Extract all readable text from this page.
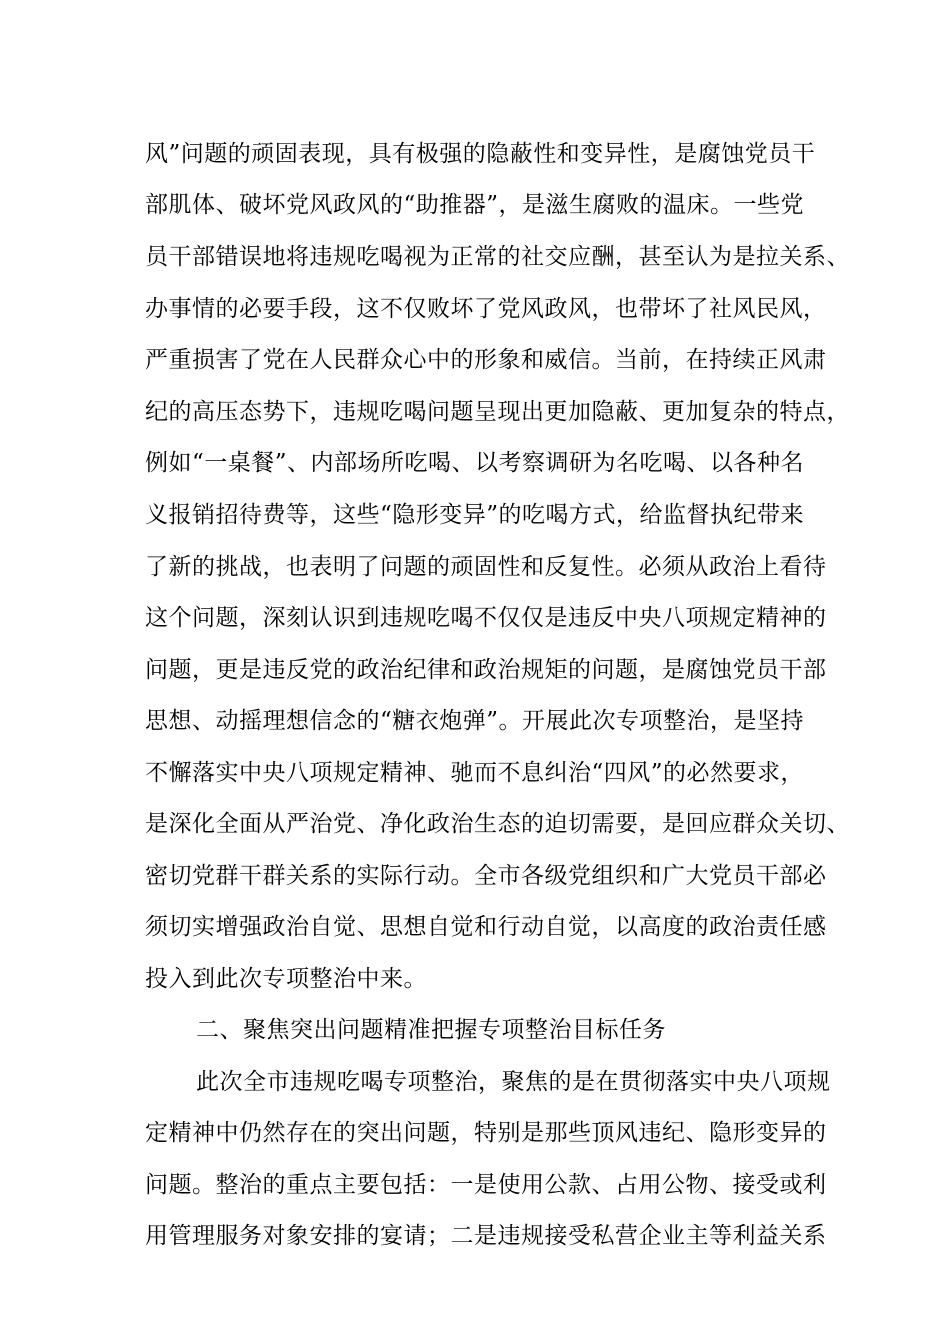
风”问题的顽固表现，具有极强的隐蔽性和变异性，是腐蚀党员干

部肌体、破坏党风政风的“助推器”，是滋生腐败的温床。一些党

员干部错误地将违规吃喝视为正常的社交应酬，甚至认为是拉关系、

办事情的必要手段，这不仅败坏了党风政风，也带坏了社风民风，

严重损害了党在人民群众心中的形象和威信。当前，在持续正风肃

纪的高压态势下，违规吃喝问题呈现出更加隐蔽、更加复杂的特点，

例如“一桌餐”、内部场所吃喝、以考察调研为名吃喝、以各种名

义报销招待费等，这些“隐形变异”的吃喝方式，给监督执纪带来

了新的挑战，也表明了问题的顽固性和反复性。必须从政治上看待

这个问题，深刻认识到违规吃喝不仅仅是违反中央八项规定精神的

问题，更是违反党的政治纪律和政治规矩的问题，是腐蚀党员干部

思想、动摇理想信念的“糖衣炮弹”。开展此次专项整治，是坚持

不懈落实中央八项规定精神、驰而不息纠治“四风”的必然要求，

是深化全面从严治党、净化政治生态的迫切需要，是回应群众关切、

密切党群干群关系的实际行动。全市各级党组织和广大党员干部必

须切实增强政治自觉、思想自觉和行动自觉，以高度的政治责任感

投入到此次专项整治中来。

二、聚焦突出问题精准把握专项整治目标任务

此次全市违规吃喝专项整治，聚焦的是在贯彻落实中央八项规

定精神中仍然存在的突出问题，特别是那些顶风违纪、隐形变异的

问题。整治的重点主要包括：一是使用公款、占用公物、接受或利

用管理服务对象安排的宴请；二是违规接受私营企业主等利益关系
